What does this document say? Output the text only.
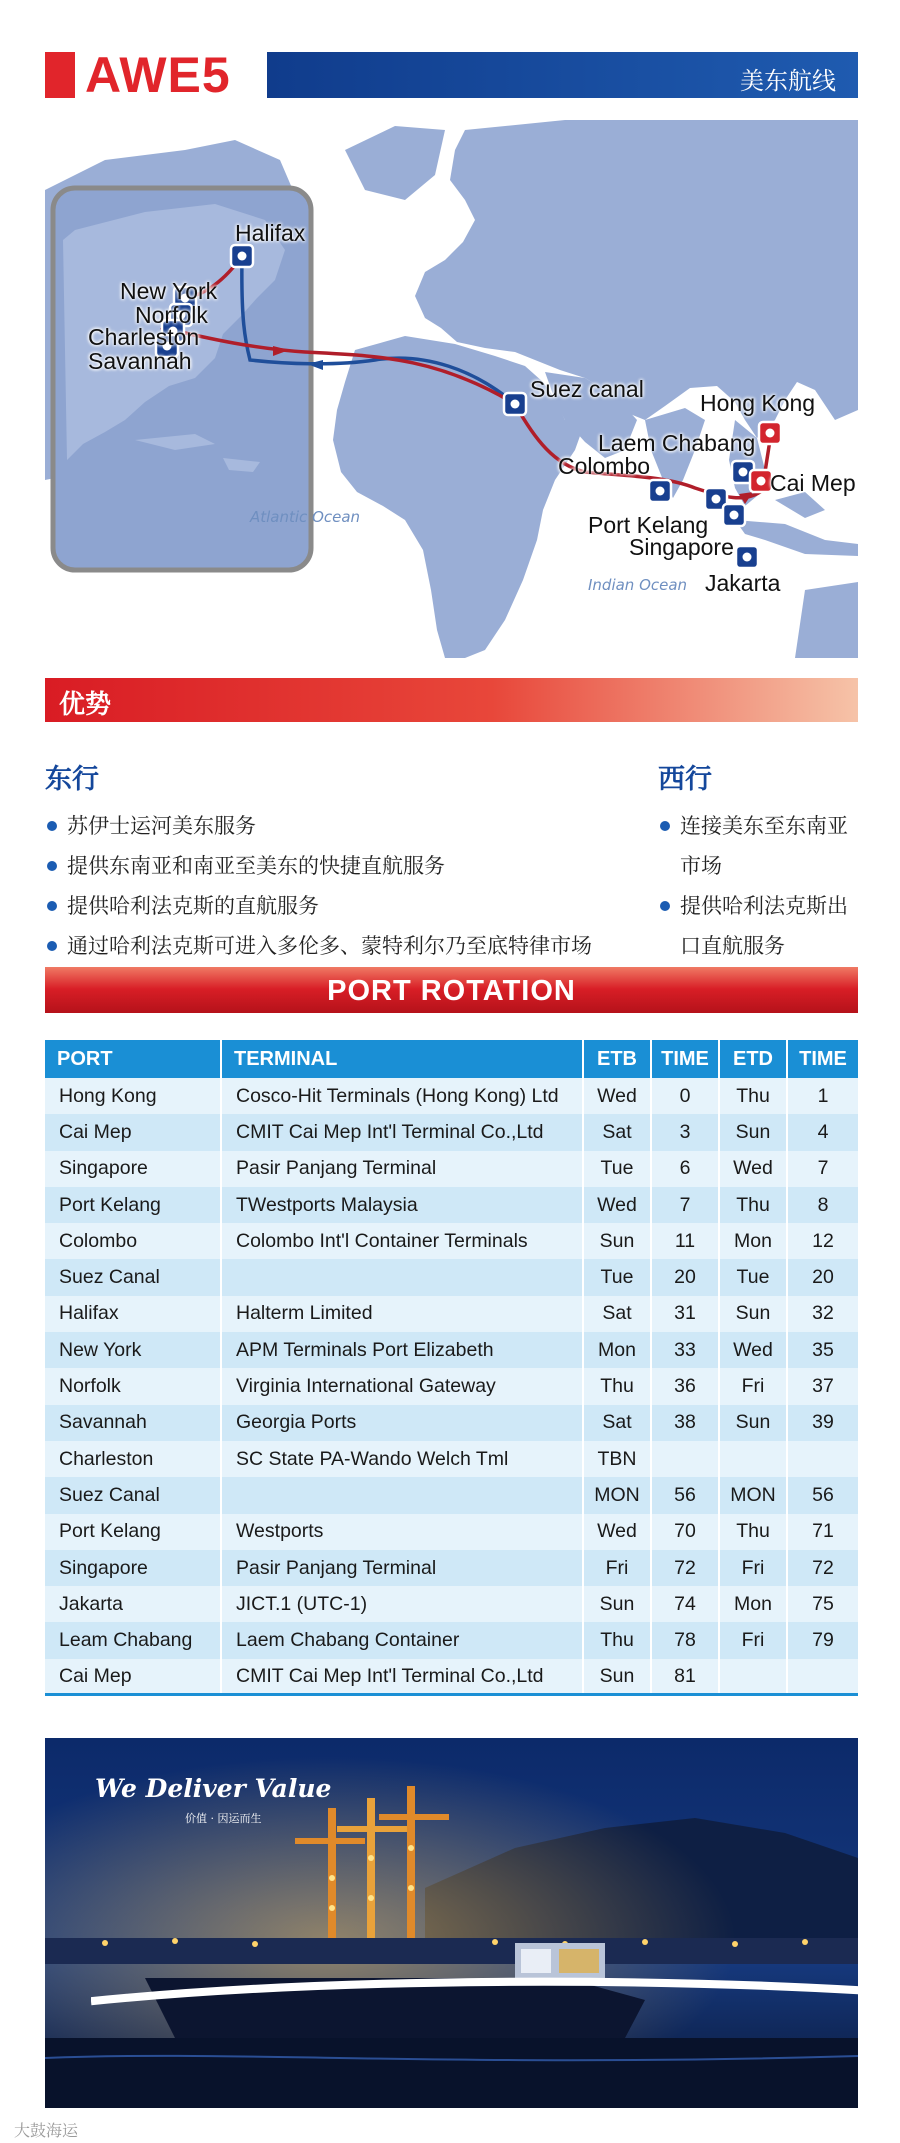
AWE5	美东航线
Halifax
New York
Norfolk
Charleston
Savannah
Suez canal
Hong Kong
Laem Chabang
Colombo
Cai Mep
Port Kelang
Singapore
Jakarta
Atlantic Ocean
Indian Ocean
优势
东行
苏伊士运河美东服务
提供东南亚和南亚至美东的快捷直航服务
提供哈利法克斯的直航服务
通过哈利法克斯可进入多伦多、蒙特利尔乃至底特律市场
西行
连接美东至东南亚市场
提供哈利法克斯出口直航服务
PORT ROTATION
PORT	TERMINAL	ETB	TIME	ETD	TIME
Hong Kong	Cosco-Hit Terminals (Hong Kong) Ltd	Wed	0	Thu	1
Cai Mep	CMIT Cai Mep Int'l Terminal Co.,Ltd	Sat	3	Sun	4
Singapore	Pasir Panjang Terminal	Tue	6	Wed	7
Port Kelang	TWestports Malaysia	Wed	7	Thu	8
Colombo	Colombo Int'l Container Terminals	Sun	11	Mon	12
Suez Canal		Tue	20	Tue	20
Halifax	Halterm Limited	Sat	31	Sun	32
New York	APM Terminals Port Elizabeth	Mon	33	Wed	35
Norfolk	Virginia International Gateway	Thu	36	Fri	37
Savannah	Georgia Ports	Sat	38	Sun	39
Charleston	SC State PA-Wando Welch Tml	TBN			
Suez Canal		MON	56	MON	56
Port Kelang	Westports	Wed	70	Thu	71
Singapore	Pasir Panjang Terminal	Fri	72	Fri	72
Jakarta	JICT.1 (UTC-1)	Sun	74	Mon	75
Leam Chabang	Laem Chabang Container	Thu	78	Fri	79
Cai Mep	CMIT Cai Mep Int'l Terminal Co.,Ltd	Sun	81		
We Deliver Value
价值 · 因运而生
大鼓海运
